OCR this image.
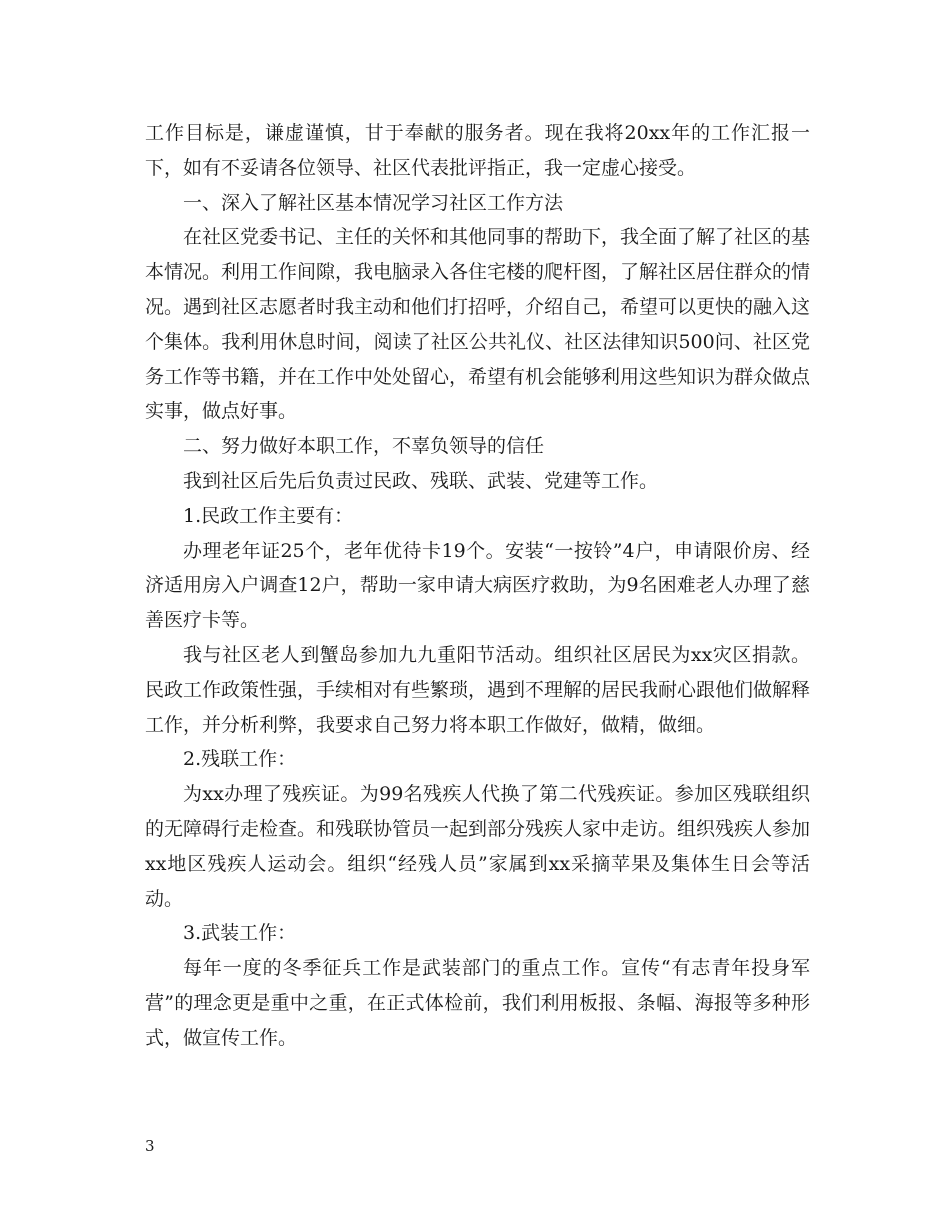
工作目标是，谦虚谨慎，甘于奉献的服务者。现在我将20xx年的工作汇报一下，如有不妥请各位领导、社区代表批评指正，我一定虚心接受。

一、深入了解社区基本情况学习社区工作方法

在社区党委书记、主任的关怀和其他同事的帮助下，我全面了解了社区的基本情况。利用工作间隙，我电脑录入各住宅楼的爬杆图，了解社区居住群众的情况。遇到社区志愿者时我主动和他们打招呼，介绍自己，希望可以更快的融入这个集体。我利用休息时间，阅读了社区公共礼仪、社区法律知识500问、社区党务工作等书籍，并在工作中处处留心，希望有机会能够利用这些知识为群众做点实事，做点好事。

二、努力做好本职工作，不辜负领导的信任

我到社区后先后负责过民政、残联、武装、党建等工作。

1.民政工作主要有：

办理老年证25个，老年优待卡19个。安装“一按铃”4户，申请限价房、经济适用房入户调查12户，帮助一家申请大病医疗救助，为9名困难老人办理了慈善医疗卡等。

我与社区老人到蟹岛参加九九重阳节活动。组织社区居民为xx灾区捐款。民政工作政策性强，手续相对有些繁琐，遇到不理解的居民我耐心跟他们做解释工作，并分析利弊，我要求自己努力将本职工作做好，做精，做细。

2.残联工作：

为xx办理了残疾证。为99名残疾人代换了第二代残疾证。参加区残联组织的无障碍行走检查。和残联协管员一起到部分残疾人家中走访。组织残疾人参加xx地区残疾人运动会。组织“经残人员”家属到xx采摘苹果及集体生日会等活动。

3.武装工作：

每年一度的冬季征兵工作是武装部门的重点工作。宣传“有志青年投身军营”的理念更是重中之重，在正式体检前，我们利用板报、条幅、海报等多种形式，做宣传工作。

3
